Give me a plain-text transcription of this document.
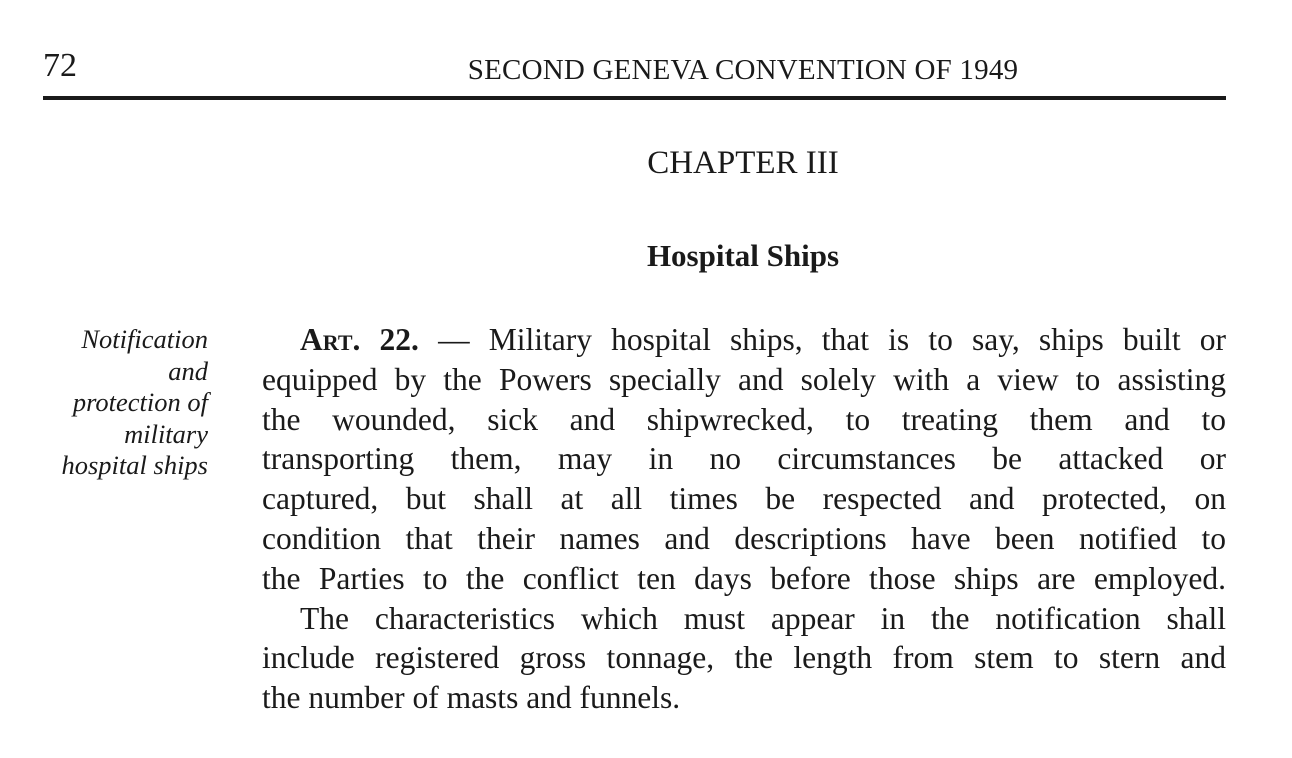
72	SECOND GENEVA CONVENTION OF 1949
CHAPTER III
Hospital Ships
Notification
and
protection of
military
hospital ships
Art. 22. — Military hospital ships, that is to say, ships built or
equipped by the Powers specially and solely with a view to assisting
the wounded, sick and shipwrecked, to treating them and to
transporting them, may in no circumstances be attacked or
captured, but shall at all times be respected and protected, on
condition that their names and descriptions have been notified to
the Parties to the conflict ten days before those ships are employed.
The characteristics which must appear in the notification shall
include registered gross tonnage, the length from stem to stern and
the number of masts and funnels.
